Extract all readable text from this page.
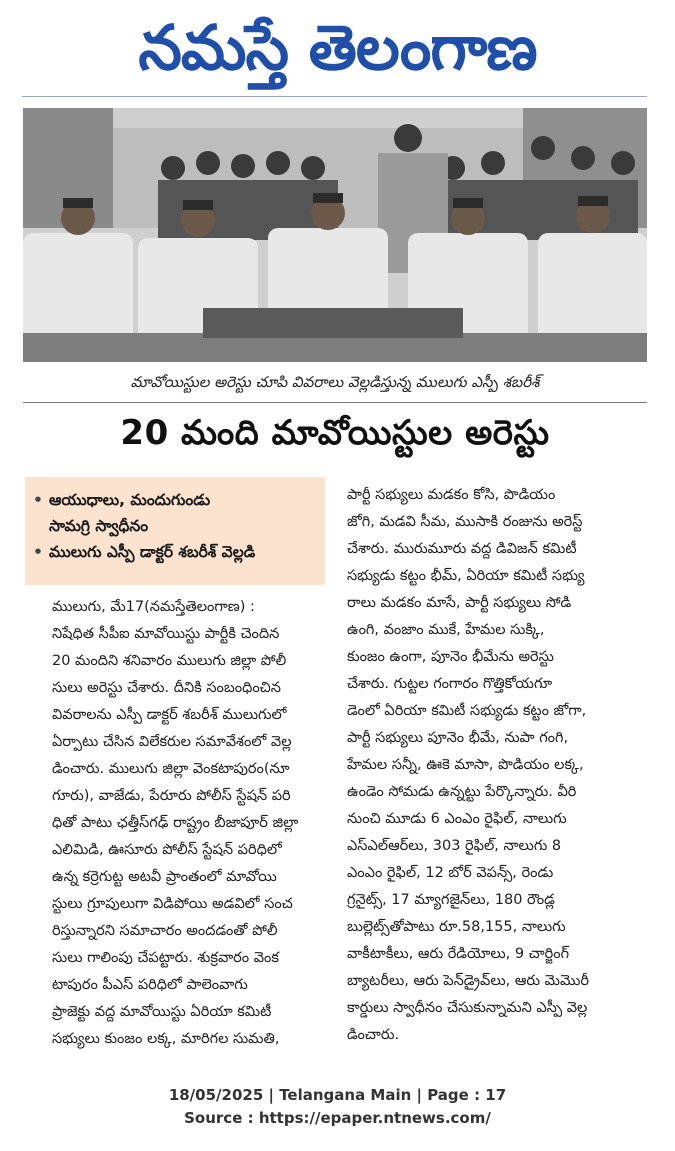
నమస్తే తెలంగాణ
మావోయిస్టుల అరెస్టు చూపి వివరాలు వెల్లడిస్తున్న ములుగు ఎస్పీ శబరీశ్
20 మంది మావోయిస్టుల అరెస్టు
• ఆయుధాలు, మందుగుండు
సామగ్రి స్వాధీనం
• ములుగు ఎస్పీ డాక్టర్ శబరీశ్ వెల్లడి
ములుగు, మే17(నమస్తేతెలంగాణ) :
నిషేధిత సీపీఐ మావోయిస్టు పార్టీకి చెందిన
20 మందిని శనివారం ములుగు జిల్లా పోలీ
సులు అరెస్టు చేశారు. దీనికి సంబంధించిన
వివరాలను ఎస్పీ డాక్టర్ శబరీశ్ ములుగులో
ఏర్పాటు చేసిన విలేకరుల సమావేశంలో వెల్ల
డించారు. ములుగు జిల్లా వెంకటాపురం(నూ
గూరు), వాజేడు, పేరూరు పోలీస్ స్టేషన్ పరి
ధితో పాటు ఛత్తీస్‌గఢ్ రాష్ట్రం బీజాపూర్ జిల్లా
ఎలిమిడి, ఊసూరు పోలీస్ స్టేషన్ పరిధిలో
ఉన్న కర్రెగుట్ట అటవీ ప్రాంతంలో మావోయి
స్టులు గ్రూపులుగా విడిపోయి అడవిలో సంచ
రిస్తున్నారని సమాచారం అందడంతో పోలీ
సులు గాలింపు చేపట్టారు. శుక్రవారం వెంక
టాపురం పీఎస్ పరిధిలో పాలెంవాగు
ప్రాజెక్టు వద్ద మావోయిస్టు ఏరియా కమిటీ
సభ్యులు కుంజం లక్క, మారిగల సుమతి,
పార్టీ సభ్యులు మడకం కోసి, పొడియం
జోగి, మడవి సీమ, ముసాకి రంజును అరెస్ట్
చేశారు. మురుమూరు వద్ద డివిజన్ కమిటీ
సభ్యుడు కట్టం భీమ్, ఏరియా కమిటీ సభ్యు
రాలు మడకం మాసే, పార్టీ సభ్యులు సోడి
ఉంగి, వంజాం ముకే, హేమల సుక్కి,
కుంజం ఉంగా, పూనెం భీమేను అరెస్టు
చేశారు. గుట్టల గంగారం గొత్తికోయగూ
డెంలో ఏరియా కమిటీ సభ్యుడు కట్టం జోగా,
పార్టీ సభ్యులు పూనెం భీమే, నుపా గంగి,
హేమల సన్నీ, ఊకె మాసా, పొడియం లక్క,
ఉండెం సోమడు ఉన్నట్టు పేర్కొన్నారు. వీరి
నుంచి మూడు 6 ఎంఎం రైఫిల్, నాలుగు
ఎస్ఎల్ఆర్‌లు, 303 రైఫిల్, నాలుగు 8
ఎంఎం రైఫిల్, 12 బోర్ వెపన్స్, రెండు
గ్రనైట్స్, 17 మ్యాగజైన్‌లు, 180 రౌండ్ల
బుల్లెట్స్‌తోపాటు రూ.58,155, నాలుగు
వాకీటాకీలు, ఆరు రేడియోలు, 9 చార్జింగ్
బ్యాటరీలు, ఆరు పెన్‌డ్రైవ్‌లు, ఆరు మెమొరీ
కార్డులు స్వాధీనం చేసుకున్నామని ఎస్పీ వెల్ల
డించారు.
18/05/2025 | Telangana Main | Page : 17
Source : https://epaper.ntnews.com/
